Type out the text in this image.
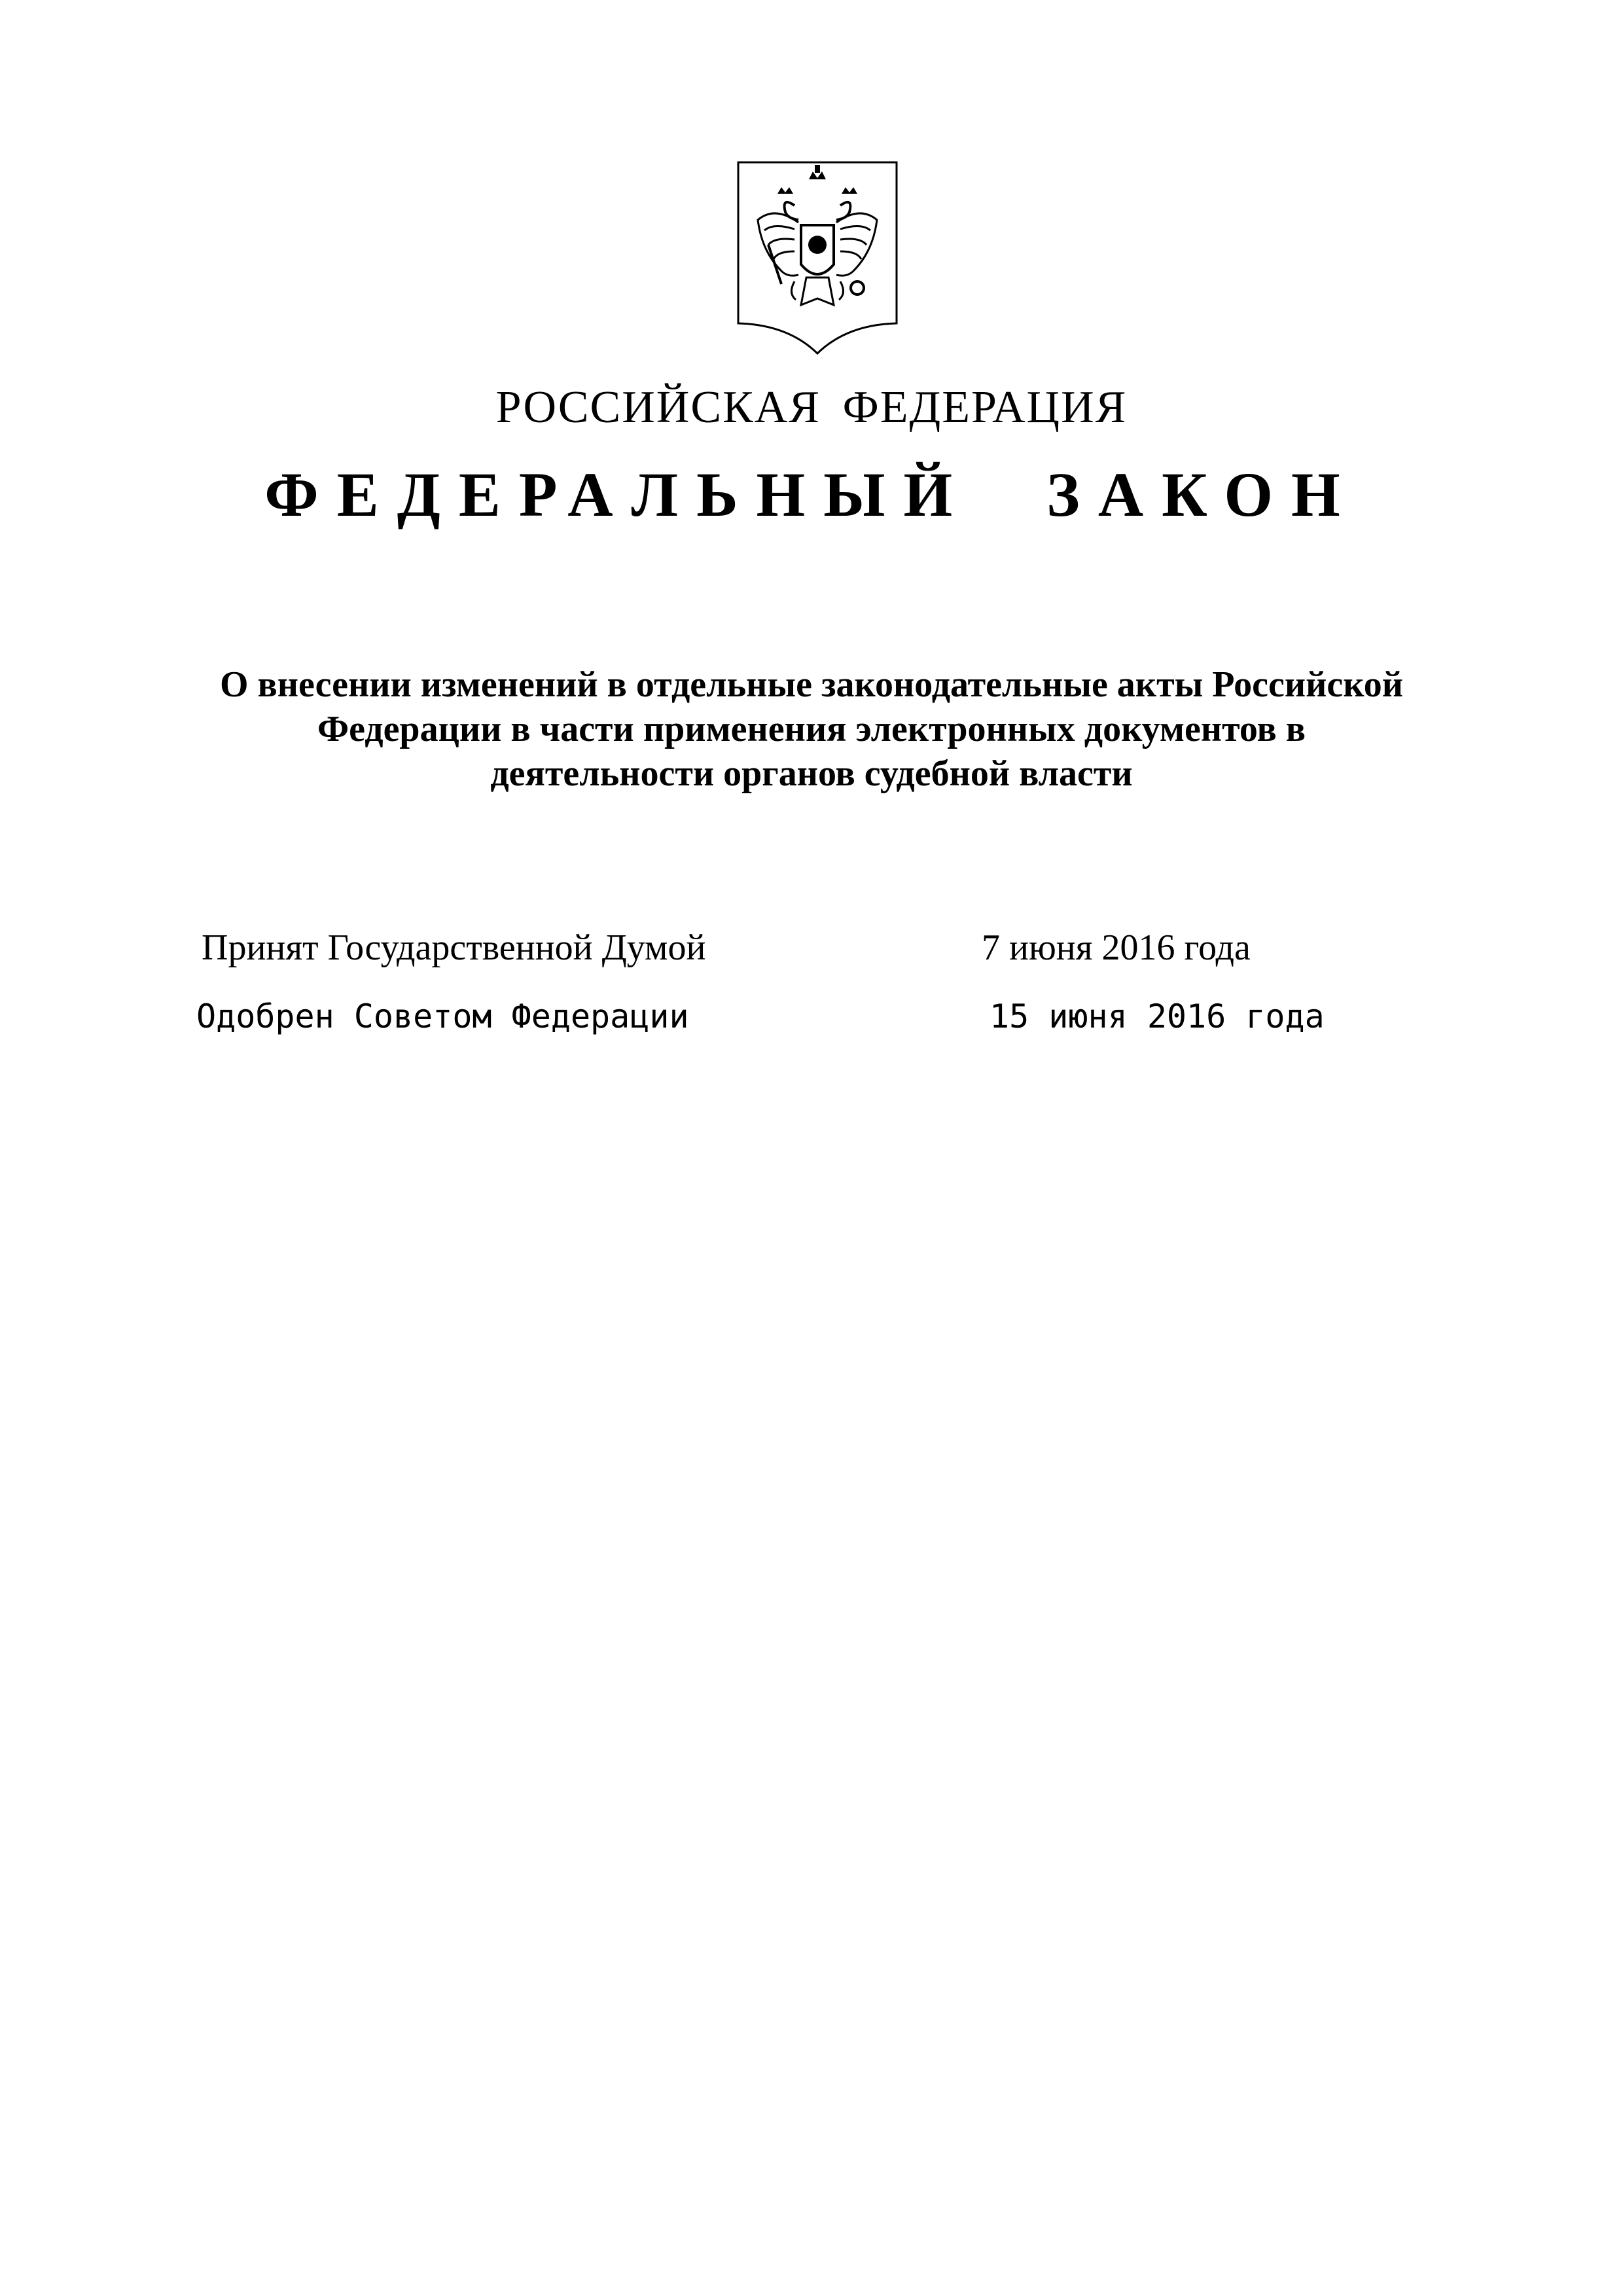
РОССИЙСКАЯ ФЕДЕРАЦИЯ
ФЕДЕРАЛЬНЫЙ ЗАКОН
О внесении изменений в отдельные законодательные акты Российской
Федерации в части применения электронных документов в
деятельности органов судебной власти
Принят Государственной Думой	7 июня 2016 года
Одобрен Советом Федерации	15 июня 2016 года
